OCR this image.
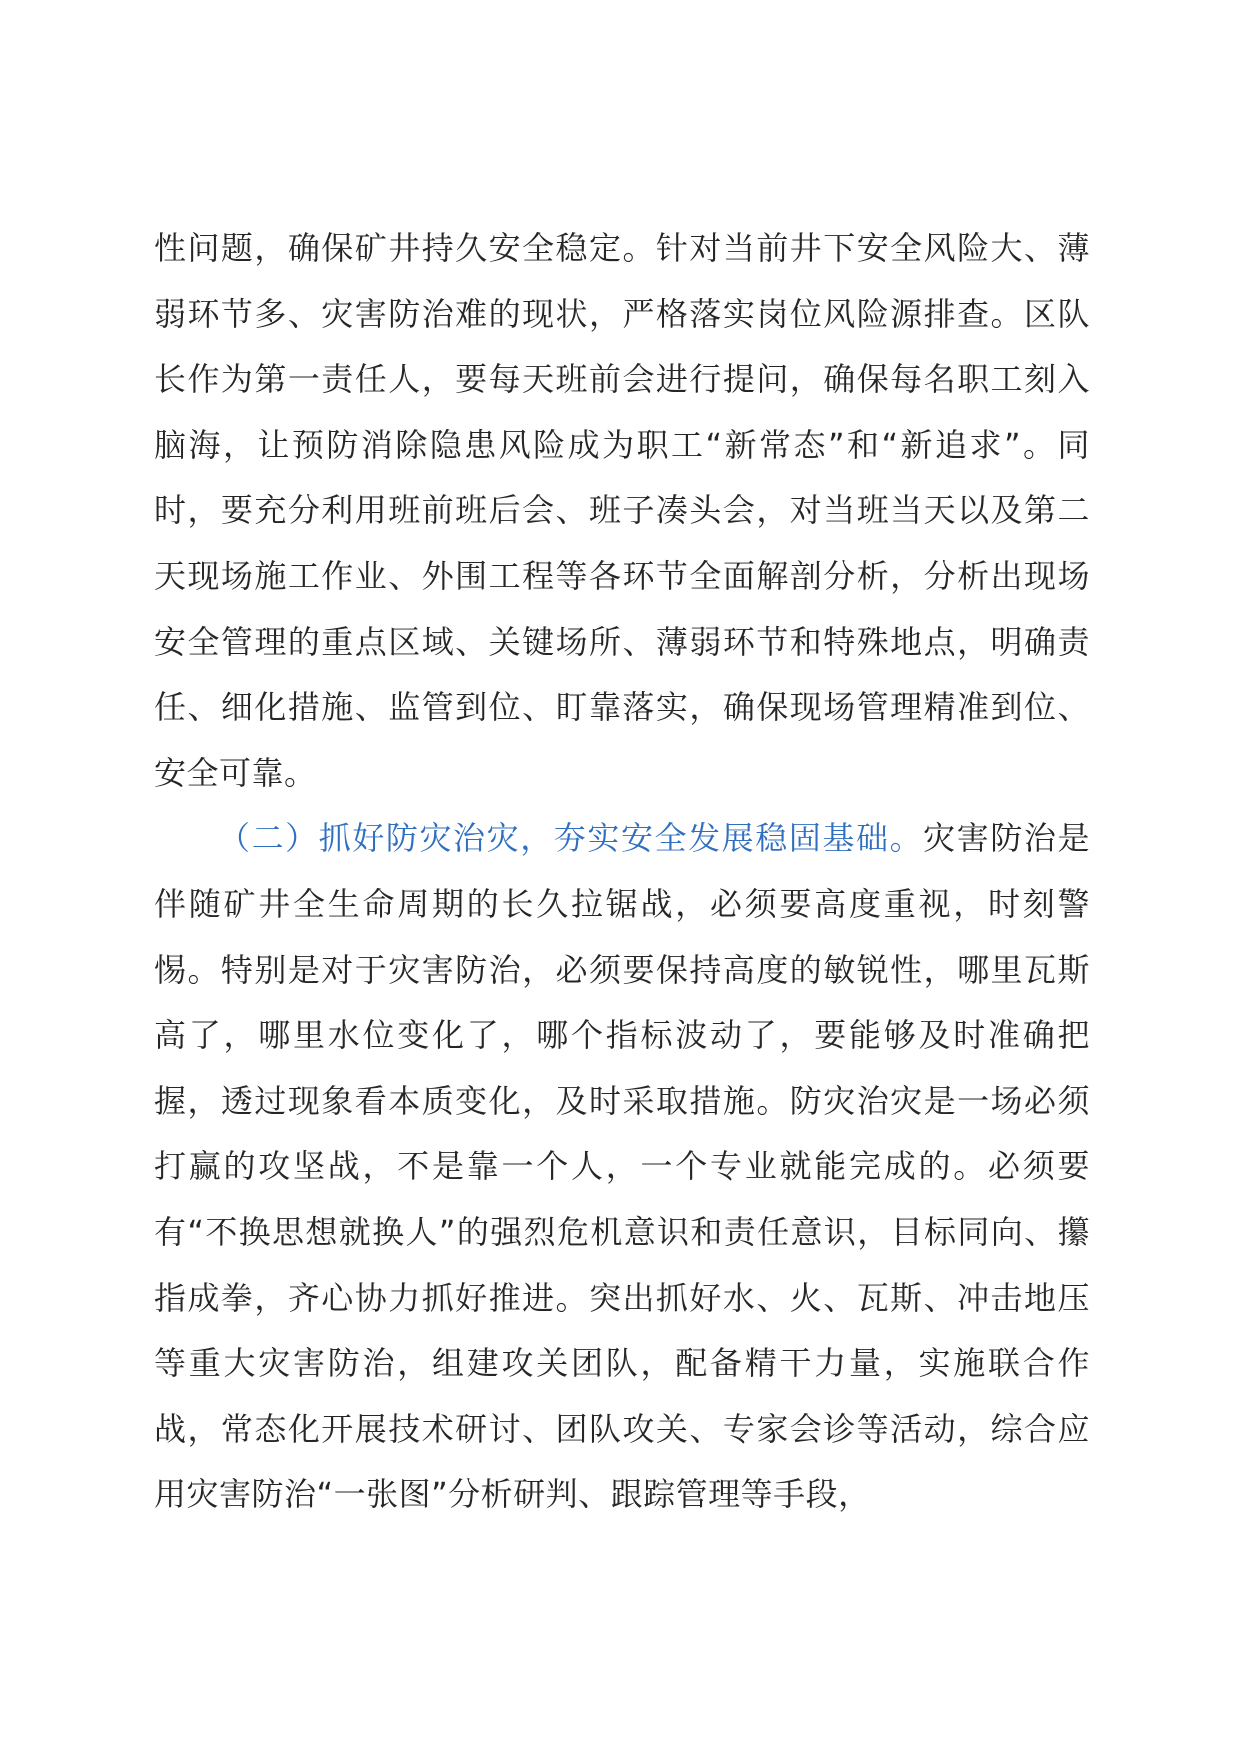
性问题，确保矿井持久安全稳定。针对当前井下安全风险大、薄弱环节多、灾害防治难的现状，严格落实岗位风险源排查。区队长作为第一责任人，要每天班前会进行提问，确保每名职工刻入脑海，让预防消除隐患风险成为职工“新常态”和“新追求”。同时，要充分利用班前班后会、班子凑头会，对当班当天以及第二天现场施工作业、外围工程等各环节全面解剖分析，分析出现场安全管理的重点区域、关键场所、薄弱环节和特殊地点，明确责任、细化措施、监管到位、盯靠落实，确保现场管理精准到位、安全可靠。

（二）抓好防灾治灾，夯实安全发展稳固基础。灾害防治是伴随矿井全生命周期的长久拉锯战，必须要高度重视，时刻警惕。特别是对于灾害防治，必须要保持高度的敏锐性，哪里瓦斯高了，哪里水位变化了，哪个指标波动了，要能够及时准确把握，透过现象看本质变化，及时采取措施。防灾治灾是一场必须打赢的攻坚战，不是靠一个人，一个专业就能完成的。必须要有“不换思想就换人”的强烈危机意识和责任意识，目标同向、攥指成拳，齐心协力抓好推进。突出抓好水、火、瓦斯、冲击地压等重大灾害防治，组建攻关团队，配备精干力量，实施联合作战，常态化开展技术研讨、团队攻关、专家会诊等活动，综合应用灾害防治“一张图”分析研判、跟踪管理等手段，
